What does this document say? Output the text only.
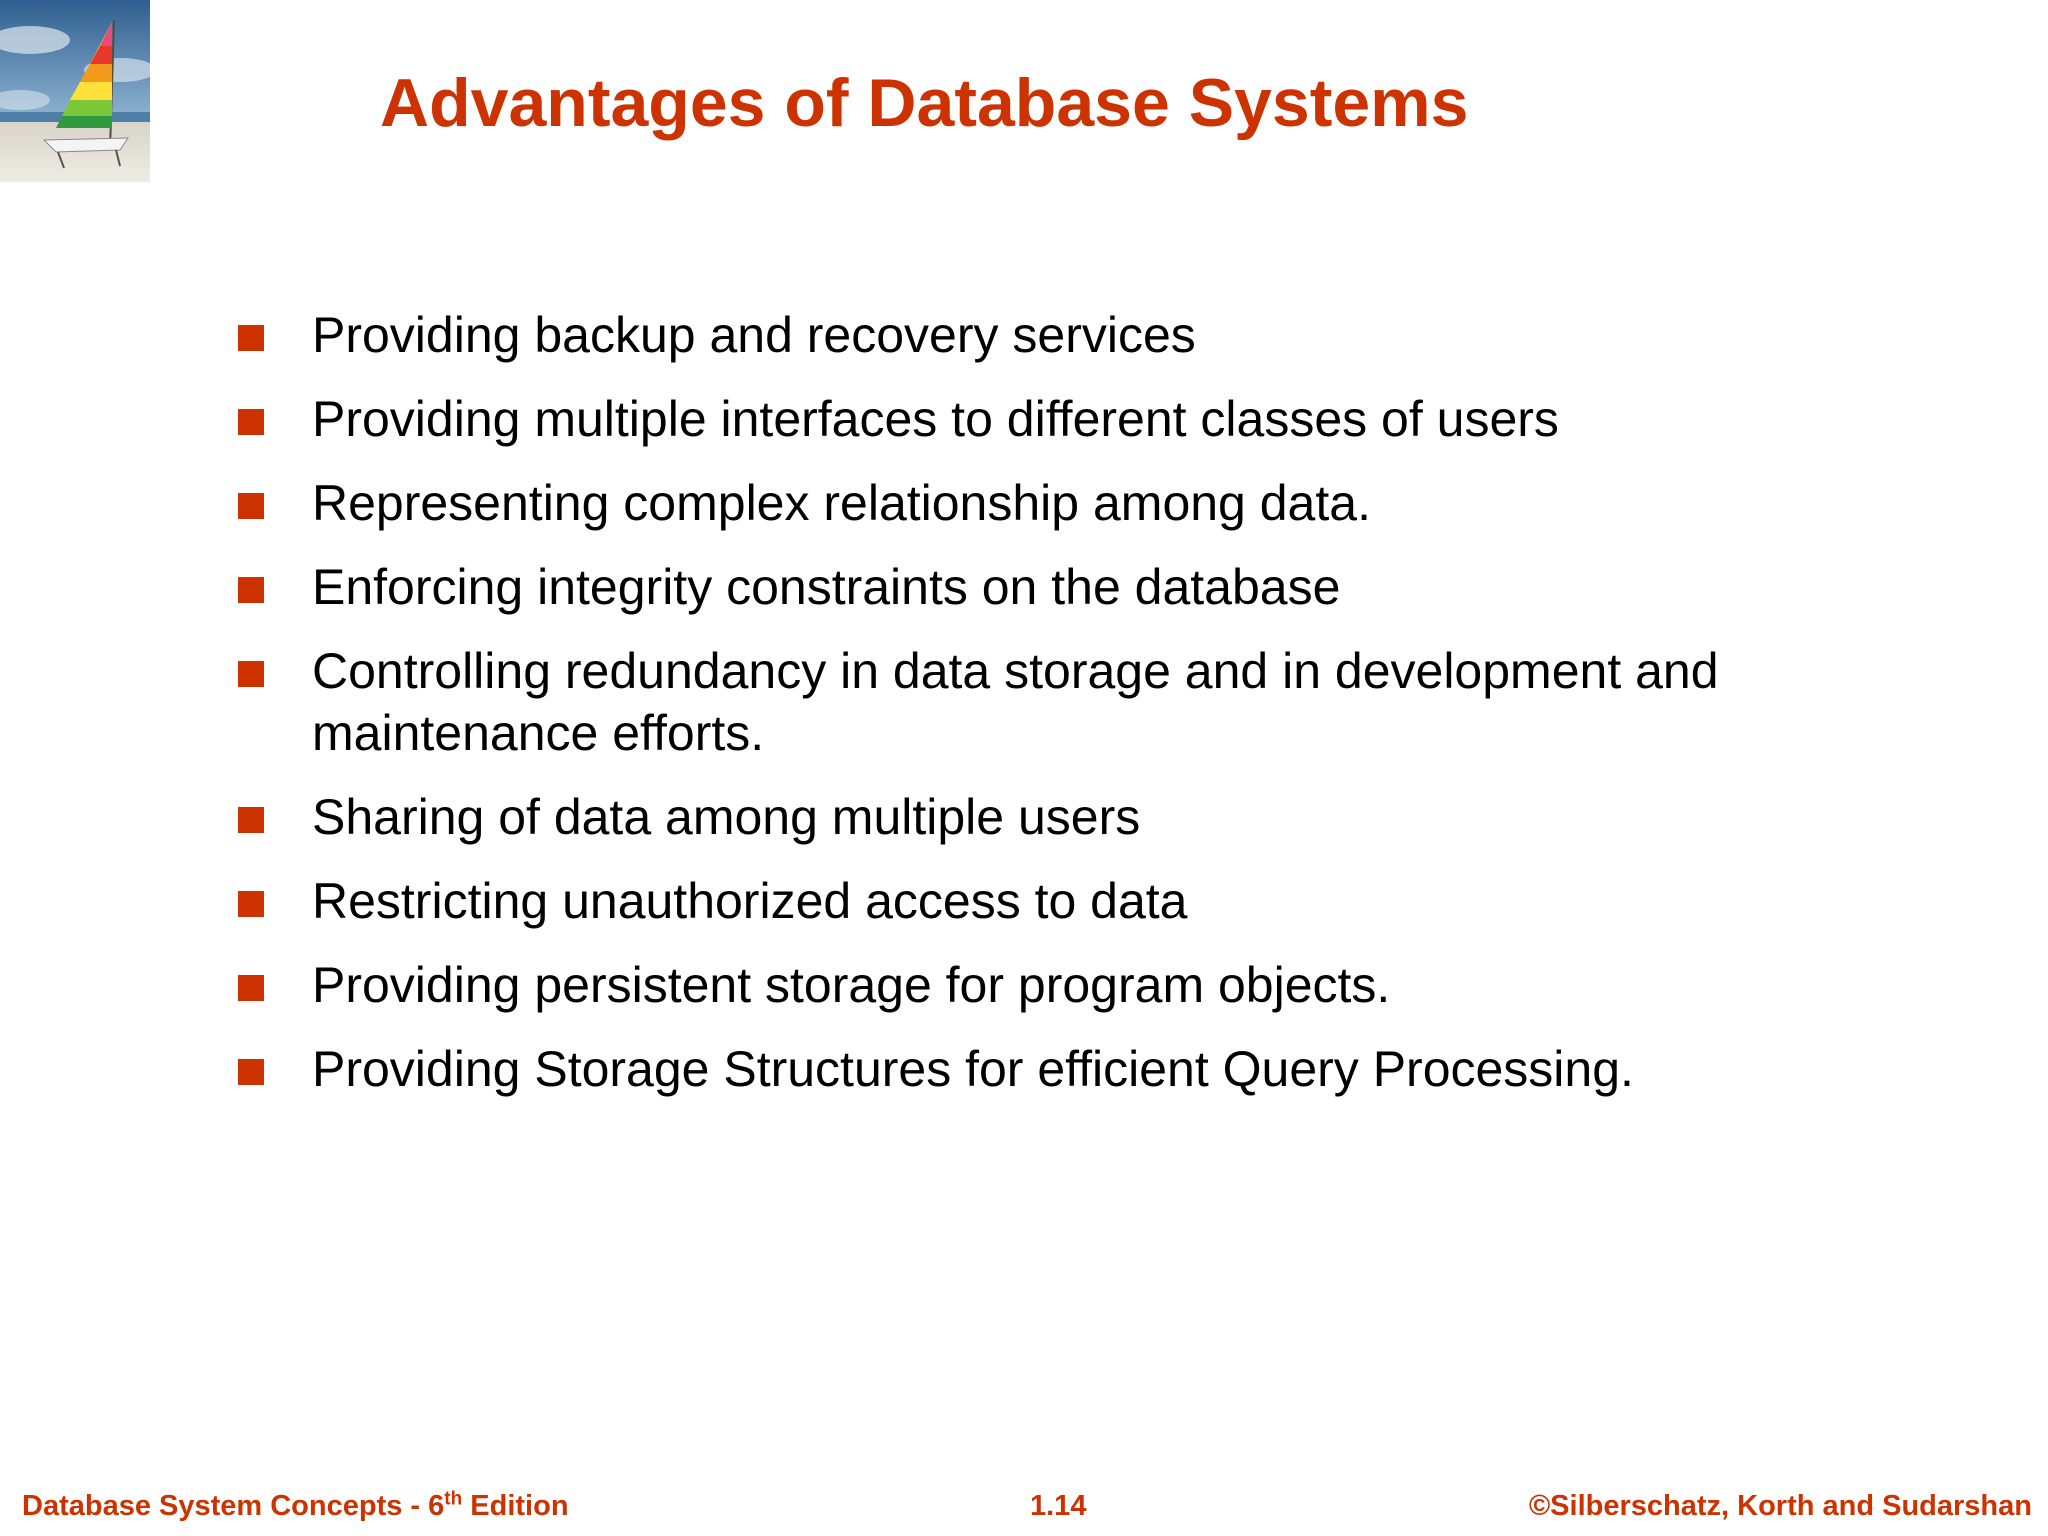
Advantages of Database Systems
Providing backup and recovery services
Providing multiple interfaces to different classes of users
Representing complex relationship among data.
Enforcing integrity constraints on the database
Controlling redundancy in data storage and in development and maintenance efforts.
Sharing of data among multiple users
Restricting unauthorized access to data
Providing persistent storage for program objects.
Providing Storage Structures for efficient Query Processing.
Database System Concepts - 6th Edition	1.14	©Silberschatz, Korth and Sudarshan
